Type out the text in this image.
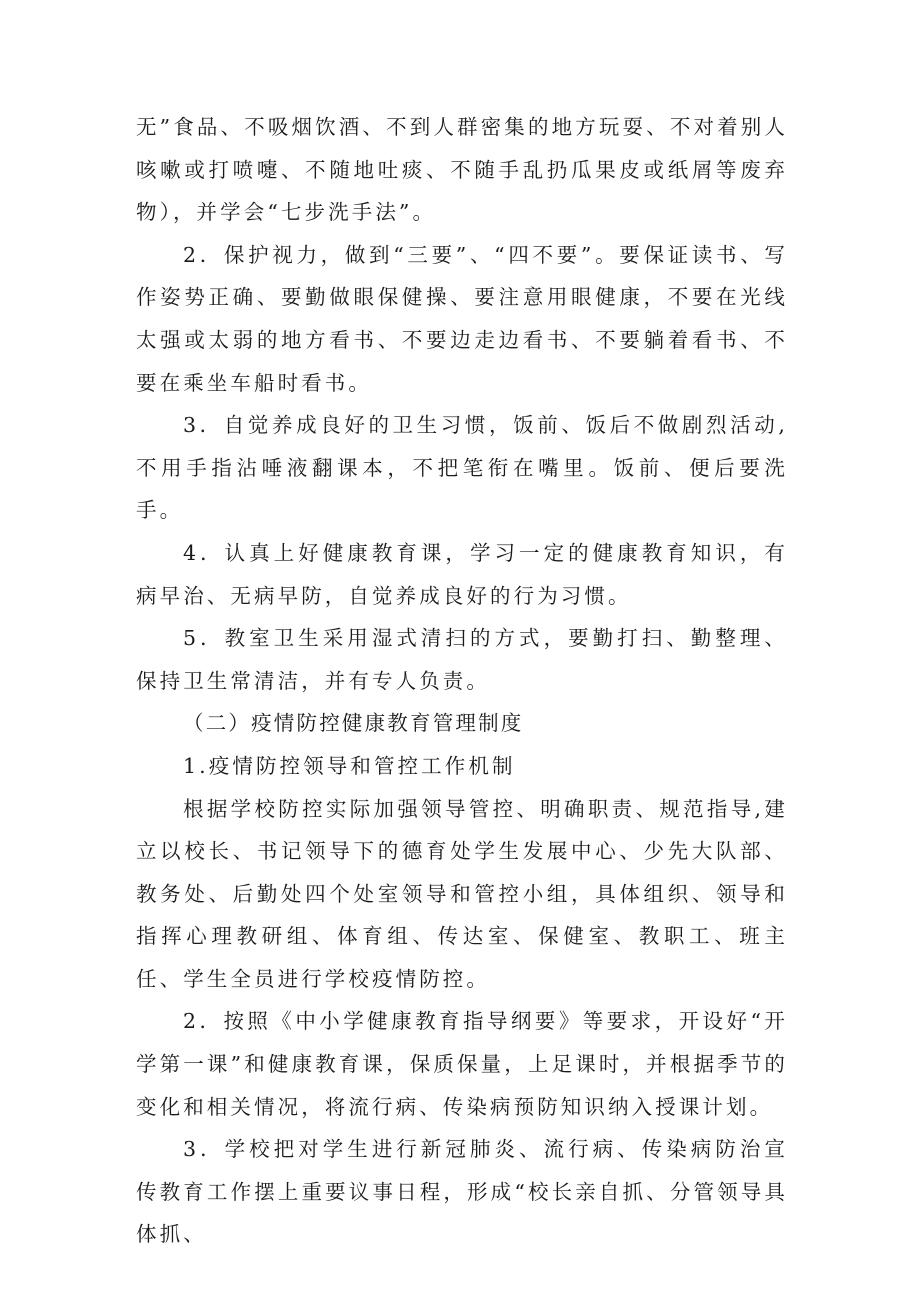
无”食品、不吸烟饮酒、不到人群密集的地方玩耍、不对着别人咳嗽或打喷嚏、不随地吐痰、不随手乱扔瓜果皮或纸屑等废弃物），并学会“七步洗手法”。

2．保护视力，做到“三要”、“四不要”。要保证读书、写作姿势正确、要勤做眼保健操、要注意用眼健康，不要在光线太强或太弱的地方看书、不要边走边看书、不要躺着看书、不要在乘坐车船时看书。

3．自觉养成良好的卫生习惯，饭前、饭后不做剧烈活动,不用手指沾唾液翻课本，不把笔衔在嘴里。饭前、便后要洗手。

4．认真上好健康教育课，学习一定的健康教育知识，有病早治、无病早防，自觉养成良好的行为习惯。

5．教室卫生采用湿式清扫的方式，要勤打扫、勤整理、保持卫生常清洁，并有专人负责。

（二）疫情防控健康教育管理制度

1.疫情防控领导和管控工作机制

根据学校防控实际加强领导管控、明确职责、规范指导,建立以校长、书记领导下的德育处学生发展中心、少先大队部、教务处、后勤处四个处室领导和管控小组，具体组织、领导和指挥心理教研组、体育组、传达室、保健室、教职工、班主任、学生全员进行学校疫情防控。

2．按照《中小学健康教育指导纲要》等要求，开设好“开学第一课”和健康教育课，保质保量，上足课时，并根据季节的变化和相关情况，将流行病、传染病预防知识纳入授课计划。

3．学校把对学生进行新冠肺炎、流行病、传染病防治宣传教育工作摆上重要议事日程，形成“校长亲自抓、分管领导具体抓、
